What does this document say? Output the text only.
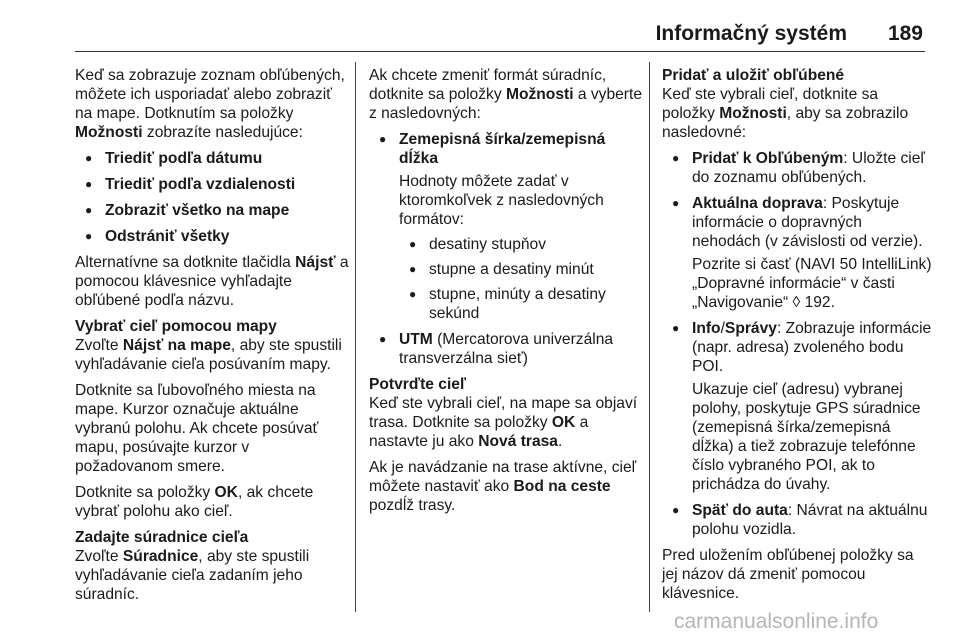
Informačný systém 189

Keď sa zobrazuje zoznam obľúbených, môžete ich usporiadať alebo zobraziť na mape. Dotknutím sa položky Možnosti zobrazíte nasledujúce:

● Triediť podľa dátumu
● Triediť podľa vzdialenosti
● Zobraziť všetko na mape
● Odstrániť všetky

Alternatívne sa dotknite tlačidla Nájsť a pomocou klávesnice vyhľadajte obľúbené podľa názvu.

Vybrať cieľ pomocou mapy

Zvoľte Nájsť na mape, aby ste spustili vyhľadávanie cieľa posúvaním mapy.

Dotknite sa ľubovoľného miesta na mape. Kurzor označuje aktuálne vybranú polohu. Ak chcete posúvať mapu, posúvajte kurzor v požadovanom smere.

Dotknite sa položky OK, ak chcete vybrať polohu ako cieľ.

Zadajte súradnice cieľa

Zvoľte Súradnice, aby ste spustili vyhľadávanie cieľa zadaním jeho súradníc.

Ak chcete zmeniť formát súradníc, dotknite sa položky Možnosti a vyberte z nasledovných:

● Zemepisná šírka/zemepisná dĺžka

Hodnoty môžete zadať v ktoromkoľvek z nasledovných formátov:

● desatiny stupňov
● stupne a desatiny minút
● stupne, minúty a desatiny sekúnd
● UTM (Mercatorova univerzálna transverzálna sieť)

Potvrďte cieľ

Keď ste vybrali cieľ, na mape sa objaví trasa. Dotknite sa položky OK a nastavte ju ako Nová trasa.

Ak je navádzanie na trase aktívne, cieľ môžete nastaviť ako Bod na ceste pozdĺž trasy.

Pridať a uložiť obľúbené

Keď ste vybrali cieľ, dotknite sa položky Možnosti, aby sa zobrazilo nasledovné:

● Pridať k Obľúbeným: Uložte cieľ do zoznamu obľúbených.
● Aktuálna doprava: Poskytuje informácie o dopravných nehodách (v závislosti od verzie).

Pozrite si časť (NAVI 50 IntelliLink) „Dopravné informácie“ v časti „Navigovanie“ ◊ 192.

● Info/Správy: Zobrazuje informácie (napr. adresa) zvoleného bodu POI.

Ukazuje cieľ (adresu) vybranej polohy, poskytuje GPS súradnice (zemepisná šírka/zemepisná dĺžka) a tiež zobrazuje telefónne číslo vybraného POI, ak to prichádza do úvahy.

● Späť do auta: Návrat na aktuálnu polohu vozidla.

Pred uložením obľúbenej položky sa jej názov dá zmeniť pomocou klávesnice.

carmanualsonline.info
